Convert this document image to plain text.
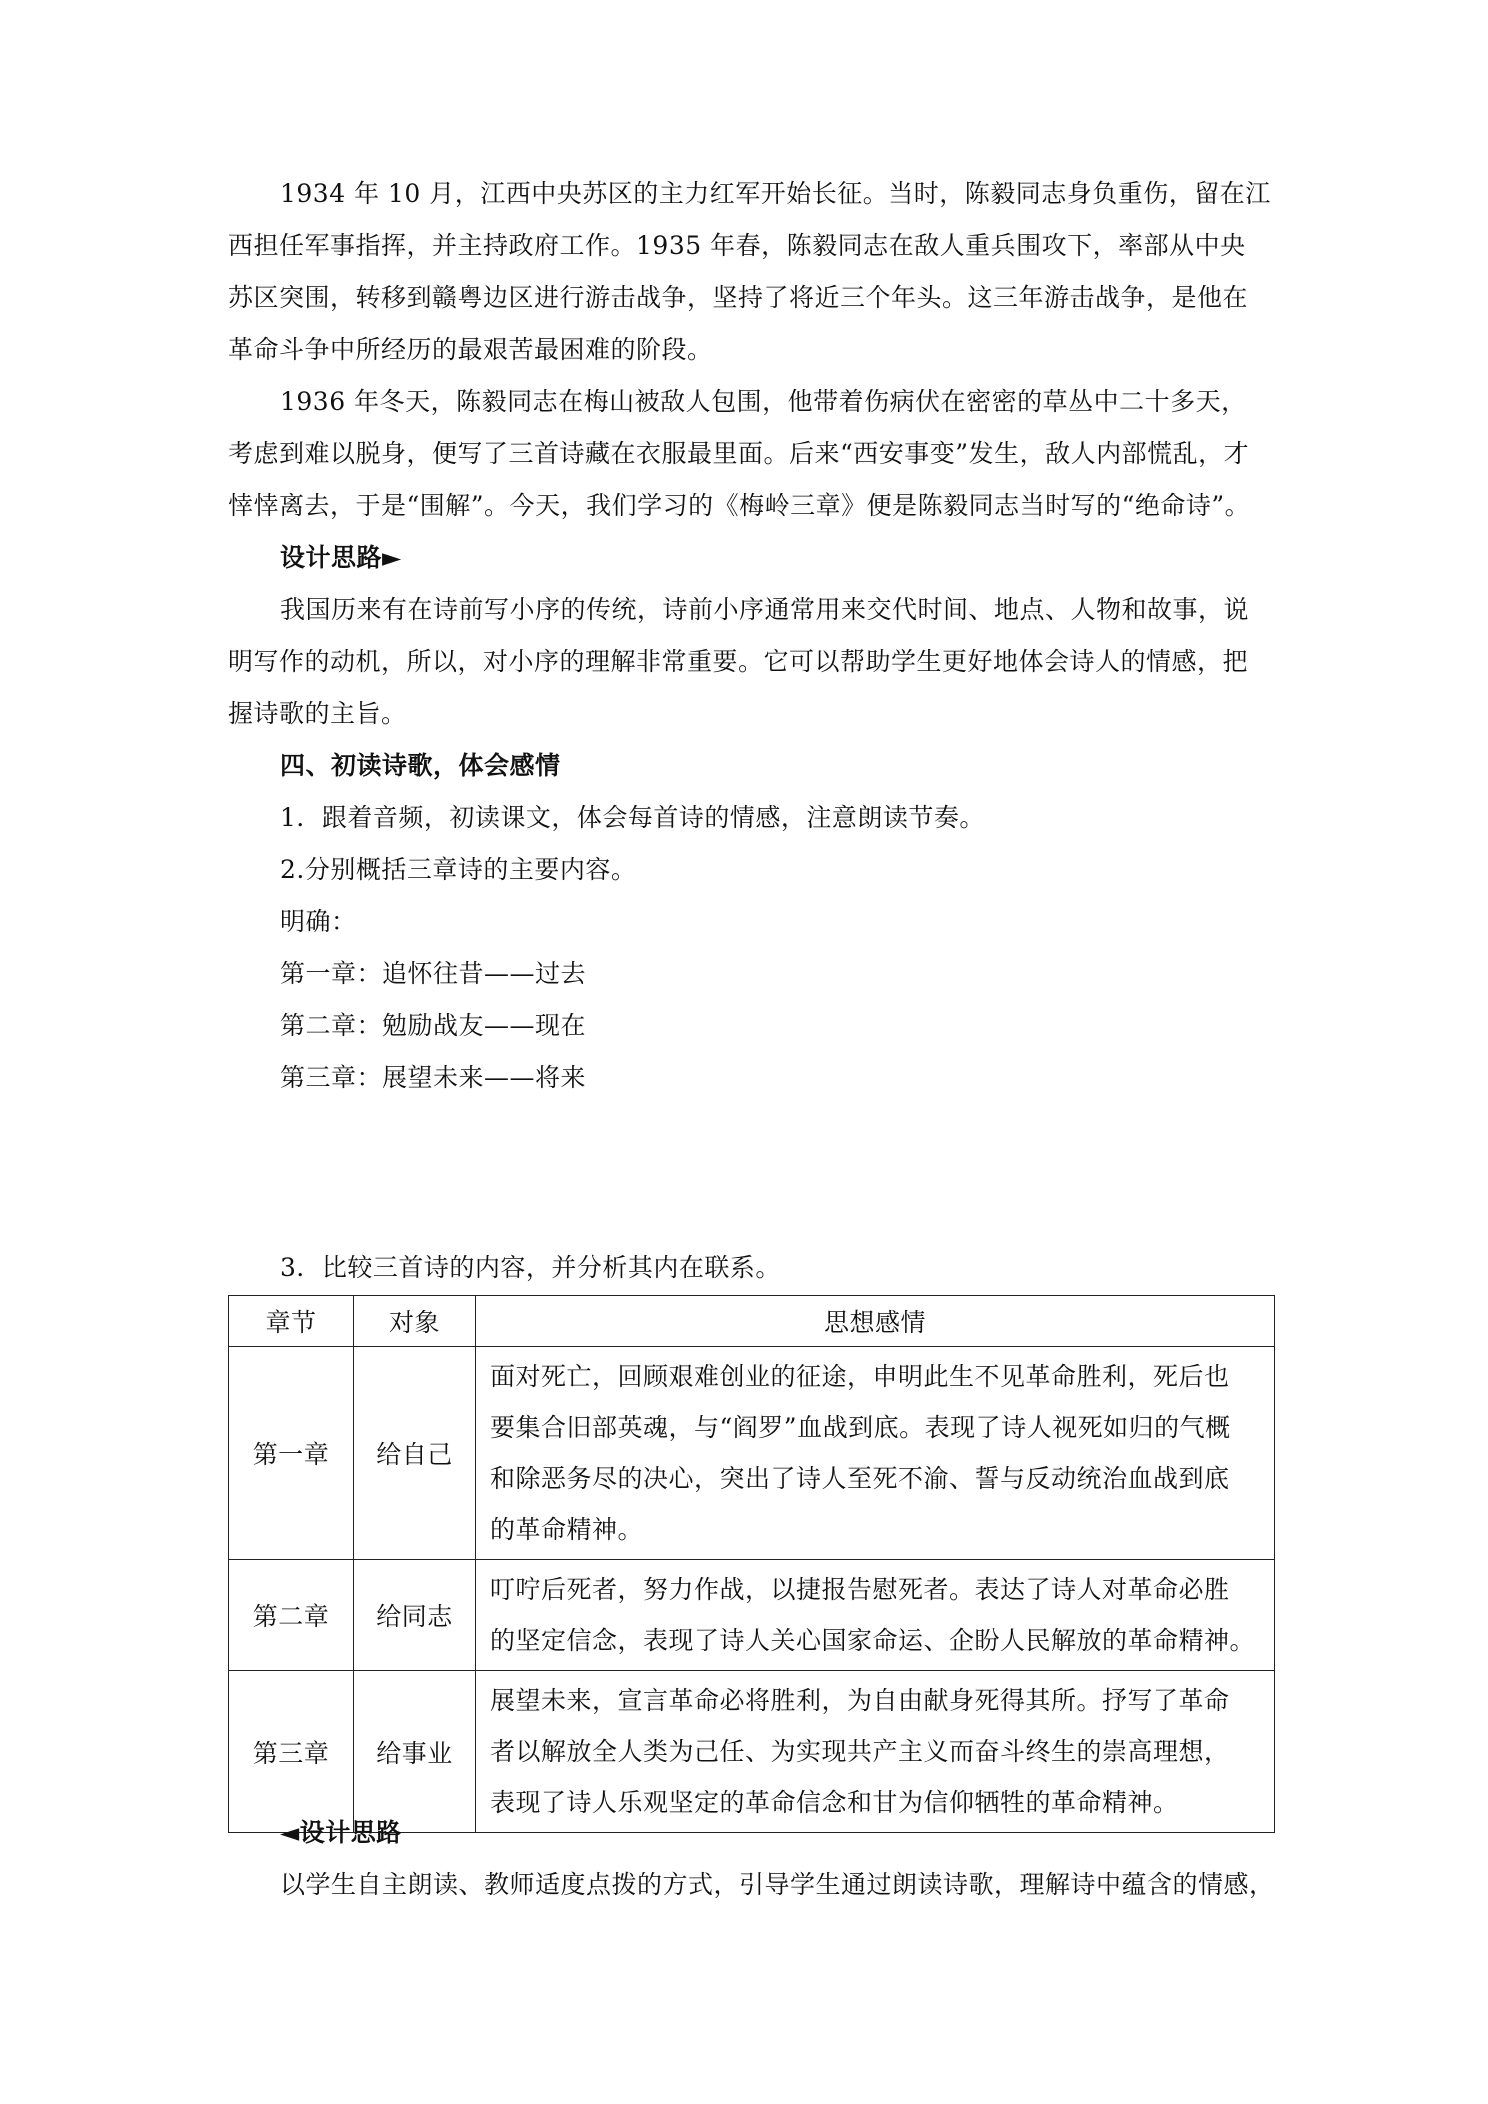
1934 年 10 月，江西中央苏区的主力红军开始长征。当时，陈毅同志身负重伤，留在江
西担任军事指挥，并主持政府工作。1935 年春，陈毅同志在敌人重兵围攻下，率部从中央
苏区突围，转移到赣粤边区进行游击战争，坚持了将近三个年头。这三年游击战争，是他在
革命斗争中所经历的最艰苦最困难的阶段。
1936 年冬天，陈毅同志在梅山被敌人包围，他带着伤病伏在密密的草丛中二十多天，
考虑到难以脱身，便写了三首诗藏在衣服最里面。后来“西安事变”发生，敌人内部慌乱，才
悻悻离去，于是“围解”。今天，我们学习的《梅岭三章》便是陈毅同志当时写的“绝命诗”。
设计思路►
我国历来有在诗前写小序的传统，诗前小序通常用来交代时间、地点、人物和故事，说
明写作的动机，所以，对小序的理解非常重要。它可以帮助学生更好地体会诗人的情感，把
握诗歌的主旨。
四、初读诗歌，体会感情
1．跟着音频，初读课文，体会每首诗的情感，注意朗读节奏。
2.分别概括三章诗的主要内容。
明确：
第一章：追怀往昔——过去
第二章：勉励战友——现在
第三章：展望未来——将来
3．比较三首诗的内容，并分析其内在联系。
章节	对象	思想感情
第一章	给自己	面对死亡，回顾艰难创业的征途，申明此生不见革命胜利，死后也
要集合旧部英魂，与“阎罗”血战到底。表现了诗人视死如归的气概
和除恶务尽的决心，突出了诗人至死不渝、誓与反动统治血战到底
的革命精神。

第二章	给同志	叮咛后死者，努力作战，以捷报告慰死者。表达了诗人对革命必胜
的坚定信念，表现了诗人关心国家命运、企盼人民解放的革命精神。

第三章	给事业	展望未来，宣言革命必将胜利，为自由献身死得其所。抒写了革命
者以解放全人类为己任、为实现共产主义而奋斗终生的崇高理想，
表现了诗人乐观坚定的革命信念和甘为信仰牺牲的革命精神。
◄设计思路
以学生自主朗读、教师适度点拨的方式，引导学生通过朗读诗歌，理解诗中蕴含的情感，
